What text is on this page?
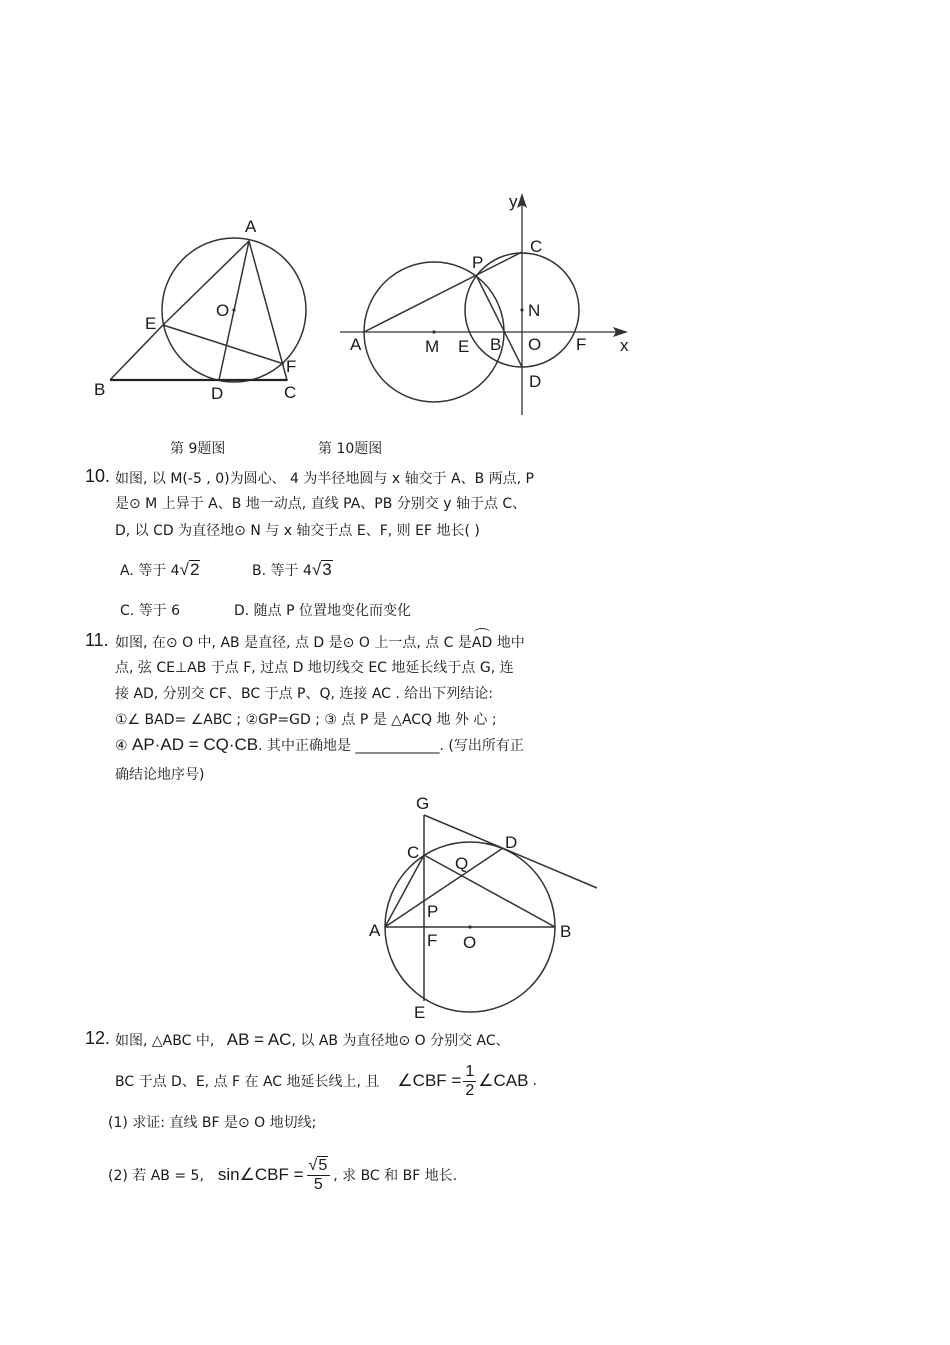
A
O
E
B	D	C
F
y
C
P
N
A	M E B O F x
D
第 9题图	第 10题图
10. 如图, 以 M(-5 , 0)为圆心、 4 为半径地圆与 x 轴交于 A、B 两点, P
是⊙ M 上异于 A、B 地一动点, 直线 PA、PB 分别交 y 轴于点 C、
D, 以 CD 为直径地⊙ N 与 x 轴交于点 E、F, 则 EF 地长( )
A. 等于 4√2	B. 等于 4√3
C. 等于 6	D. 随点 P 位置地变化而变化
11. 如图, 在⊙ O 中, AB 是直径, 点 D 是⊙ O 上一点, 点 C 是AD 地中
点, 弦 CE⊥AB 于点 F, 过点 D 地切线交 EC 地延长线于点 G, 连
接 AD, 分别交 CF、BC 于点 P、Q, 连接 AC . 给出下列结论:
①∠ BAD= ∠ABC ; ②GP=GD ; ③ 点 P 是 △ACQ 地 外 心 ;
④ AP·AD = CQ·CB. 其中正确地是 ____________. (写出所有正
确结论地序号)
G
D
C
Q
P
A
F O
B
E
12. 如图, △ABC 中, AB = AC, 以 AB 为直径地⊙ O 分别交 AC、
BC 于点 D、E, 点 F 在 AC 地延长线上, 且 ∠CBF = $\frac{1}{2}$ ∠CAB .
(1) 求证: 直线 BF 是⊙ O 地切线;
(2) 若 AB = 5, sin∠CBF = $\frac{√5}{5}$ , 求 BC 和 BF 地长.
